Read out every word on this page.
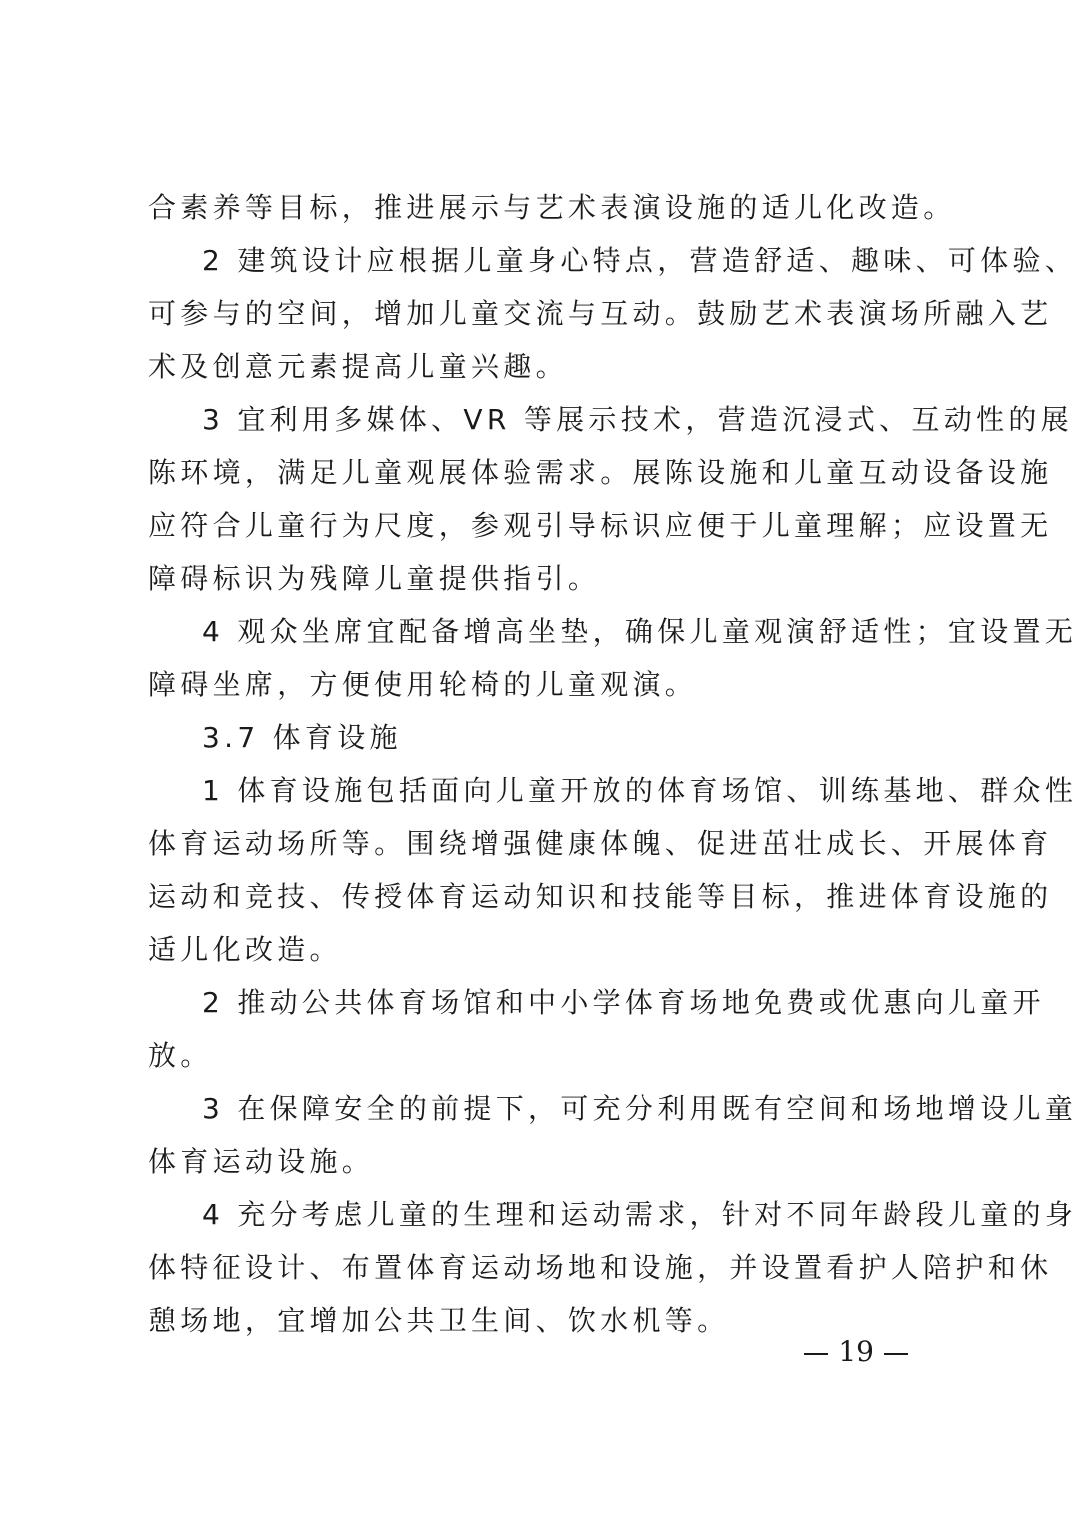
合素养等目标，推进展示与艺术表演设施的适儿化改造。
2 建筑设计应根据儿童身心特点，营造舒适、趣味、可体验、
可参与的空间，增加儿童交流与互动。鼓励艺术表演场所融入艺
术及创意元素提高儿童兴趣。
3 宜利用多媒体、VR 等展示技术，营造沉浸式、互动性的展
陈环境，满足儿童观展体验需求。展陈设施和儿童互动设备设施
应符合儿童行为尺度，参观引导标识应便于儿童理解；应设置无
障碍标识为残障儿童提供指引。
4 观众坐席宜配备增高坐垫，确保儿童观演舒适性；宜设置无
障碍坐席，方便使用轮椅的儿童观演。
3.7 体育设施
1 体育设施包括面向儿童开放的体育场馆、训练基地、群众性
体育运动场所等。围绕增强健康体魄、促进茁壮成长、开展体育
运动和竞技、传授体育运动知识和技能等目标，推进体育设施的
适儿化改造。
2 推动公共体育场馆和中小学体育场地免费或优惠向儿童开
放。
3 在保障安全的前提下，可充分利用既有空间和场地增设儿童
体育运动设施。
4 充分考虑儿童的生理和运动需求，针对不同年龄段儿童的身
体特征设计、布置体育运动场地和设施，并设置看护人陪护和休
憩场地，宜增加公共卫生间、饮水机等。
19
